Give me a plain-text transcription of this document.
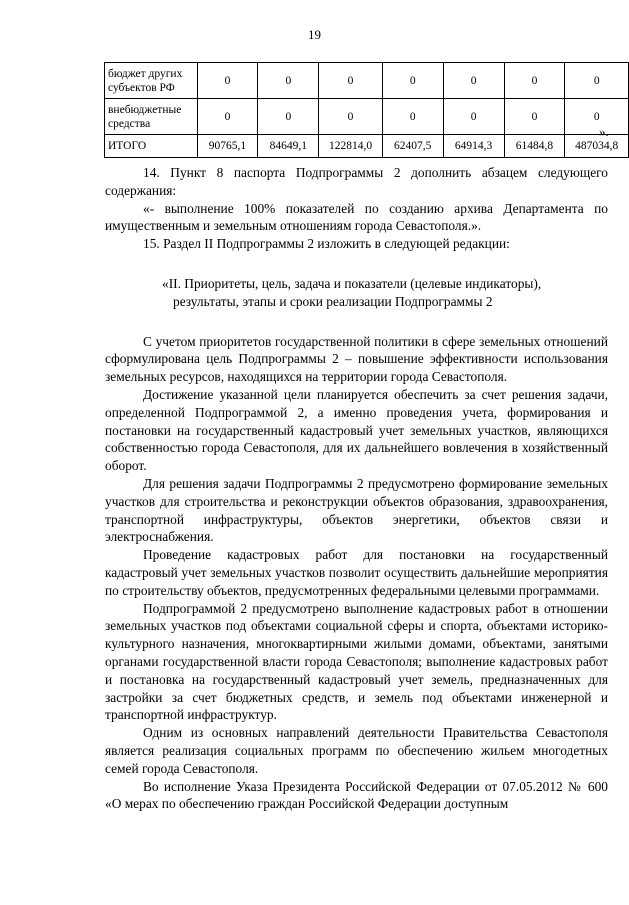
19
бюджет других субъектов РФ	0	0	0	0	0	0	0
внебюджетные средства	0	0	0	0	0	0	0
ИТОГО	90765,1	84649,1	122814,0	62407,5	64914,3	61484,8	487034,8
».

14. Пункт 8 паспорта Подпрограммы 2 дополнить абзацем следующего содержания:

«- выполнение 100% показателей по созданию архива Департамента по имущественным и земельным отношениям города Севастополя.».

15. Раздел II Подпрограммы 2 изложить в следующей редакции:

«II. Приоритеты, цель, задача и показатели (целевые индикаторы),
результаты, этапы и сроки реализации Подпрограммы 2

С учетом приоритетов государственной политики в сфере земельных отношений сформулирована цель Подпрограммы 2 – повышение эффективности использования земельных ресурсов, находящихся на территории города Севастополя.

Достижение указанной цели планируется обеспечить за счет решения задачи, определенной Подпрограммой 2, а именно проведения учета, формирования и постановки на государственный кадастровый учет земельных участков, являющихся собственностью города Севастополя, для их дальнейшего вовлечения в хозяйственный оборот.

Для решения задачи Подпрограммы 2 предусмотрено формирование земельных участков для строительства и реконструкции объектов образования, здравоохранения, транспортной инфраструктуры, объектов энергетики, объектов связи и электроснабжения.

Проведение кадастровых работ для постановки на государственный кадастровый учет земельных участков позволит осуществить дальнейшие мероприятия по строительству объектов, предусмотренных федеральными целевыми программами.

Подпрограммой 2 предусмотрено выполнение кадастровых работ в отношении земельных участков под объектами социальной сферы и спорта, объектами историко-культурного назначения, многоквартирными жилыми домами, объектами, занятыми органами государственной власти города Севастополя; выполнение кадастровых работ и постановка на государственный кадастровый учет земель, предназначенных для застройки за счет бюджетных средств, и земель под объектами инженерной и транспортной инфраструктур.

Одним из основных направлений деятельности Правительства Севастополя является реализация социальных программ по обеспечению жильем многодетных семей города Севастополя.

Во исполнение Указа Президента Российской Федерации от 07.05.2012 № 600 «О мерах по обеспечению граждан Российской Федерации доступным
